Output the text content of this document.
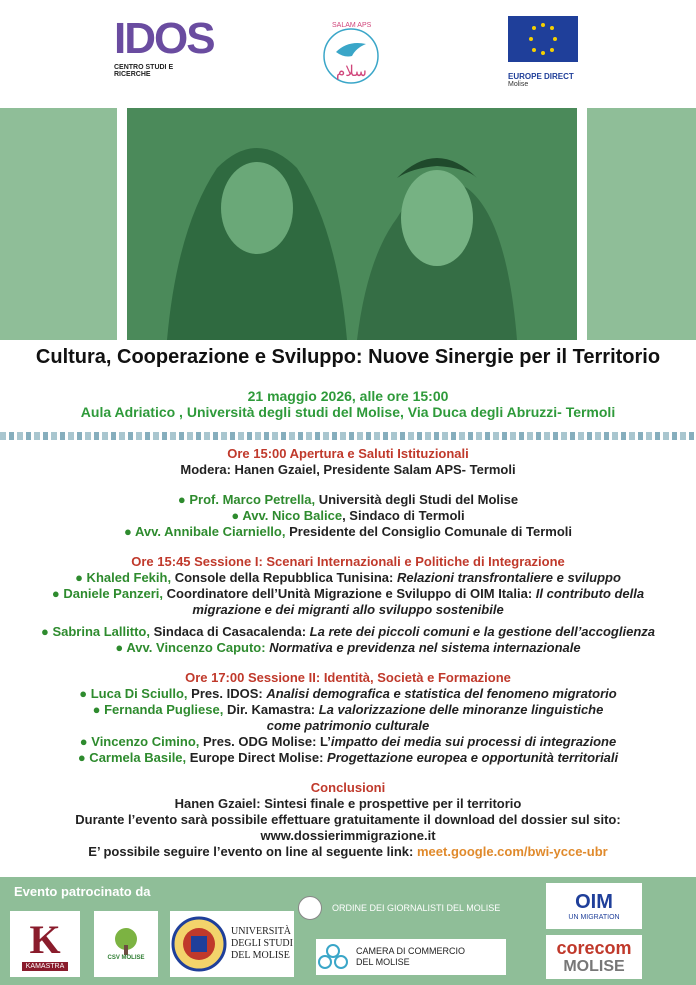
IDOS
CENTRO STUDI E RICERCHE
SALAM APS
سلام	EUROPE DIRECT
Molise
Cultura, Cooperazione e Sviluppo: Nuove Sinergie per il Territorio
21 maggio 2026, alle ore 15:00
Aula Adriatico , Università degli studi del Molise, Via Duca degli Abruzzi- Termoli

Ore 15:00 Apertura e Saluti Istituzionali

Modera: Hanen Gzaiel, Presidente Salam APS- Termoli

● Prof. Marco Petrella, Università degli Studi del Molise

● Avv. Nico Balice, Sindaco di Termoli

● Avv. Annibale Ciarniello, Presidente del Consiglio Comunale di Termoli

Ore 15:45 Sessione I: Scenari Internazionali e Politiche di Integrazione

● Khaled Fekih, Console della Repubblica Tunisina: Relazioni transfrontaliere e sviluppo

● Daniele Panzeri, Coordinatore dell’Unità Migrazione e Sviluppo di OIM Italia: Il contributo della
migrazione e dei migranti allo sviluppo sostenibile

● Sabrina Lallitto, Sindaca di Casacalenda: La rete dei piccoli comuni e la gestione dell’accoglienza

● Avv. Vincenzo Caputo: Normativa e previdenza nel sistema internazionale

Ore 17:00 Sessione II: Identità, Società e Formazione

● Luca Di Sciullo, Pres. IDOS: Analisi demografica e statistica del fenomeno migratorio

● Fernanda Pugliese, Dir. Kamastra: La valorizzazione delle minoranze linguistiche
come patrimonio culturale

● Vincenzo Cimino, Pres. ODG Molise: L’impatto dei media sui processi di integrazione

● Carmela Basile, Europe Direct Molise: Progettazione europea e opportunità territoriali

Conclusioni

Hanen Gzaiel: Sintesi finale e prospettive per il territorio

Durante l’evento sarà possibile effettuare gratuitamente il download del dossier sul sito:

www.dossierimmigrazione.it

E’ possibile seguire l’evento on line al seguente link: meet.google.com/bwi-ycce-ubr

Evento patrocinato da
K
KAMASTRA
CSV MOLISE
UNIVERSITÀ
DEGLI STUDI
DEL MOLISE
ORDINE DEI GIORNALISTI DEL MOLISE
CAMERA DI COMMERCIO
DEL MOLISE
OIM
UN MIGRATION
corecom
MOLISE
